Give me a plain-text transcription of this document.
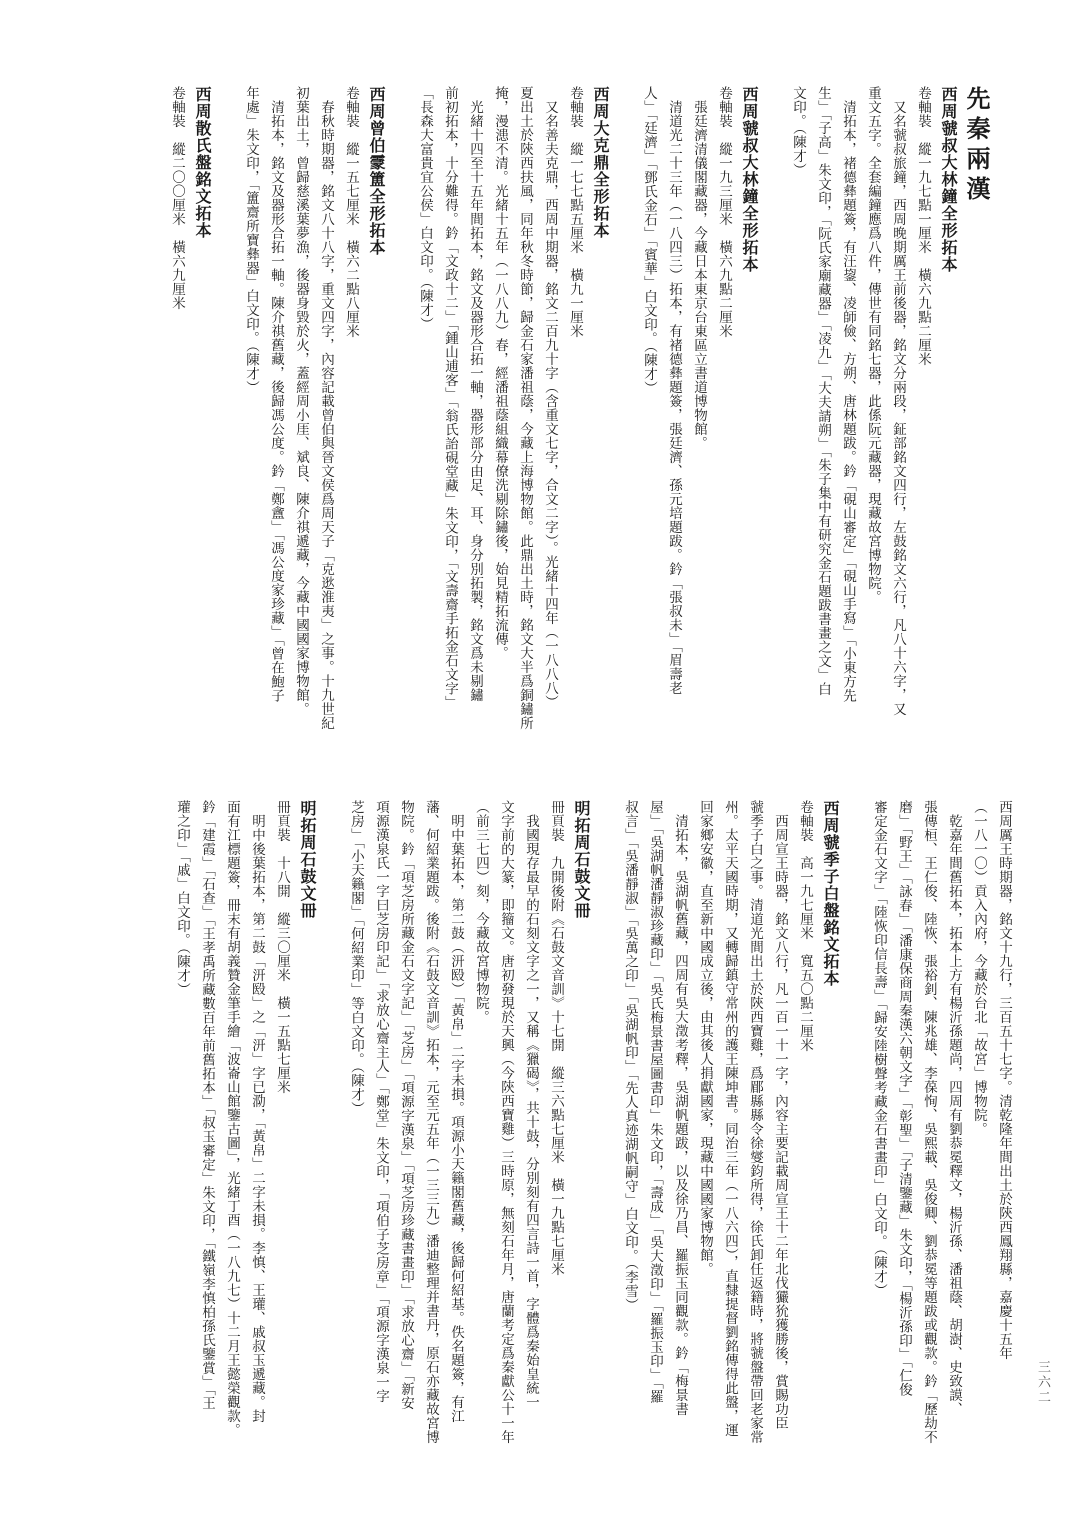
先秦兩漢
西周虢叔大林鐘全形拓本
卷軸裝　縱一九七點一厘米　橫六九點二厘米
又名虢叔旅鐘，西周晚期厲王前後器，銘文分兩段，鉦部銘文四行，左鼓銘文六行，凡八十六字，又
重文五字。全套編鐘應爲八件，傳世有同銘七器，此係阮元藏器，現藏故宮博物院。
清拓本，褚德彝題簽，有汪鋆、凌師儉、方朔、唐林題跋。鈐「硯山審定」「硯山手寫」「小東方先
生」「子高」朱文印，「阮氏家廟藏器」「凌九」「大夫請朔」「朱子集中有研究金石題跋書畫之文」白
文印。（陳才）
西周虢叔大林鐘全形拓本
卷軸裝　縱一九三厘米　橫六九點二厘米
張廷濟清儀閣藏器，今藏日本東京台東區立書道博物館。
清道光二十三年（一八四三）拓本，有褚德彝題簽，張廷濟、孫元培題跋。鈐「張叔未」「眉壽老
人」「廷濟」「鄧氏金石」「賓華」白文印。（陳才）
西周大克鼎全形拓本
卷軸裝　縱一七七點五厘米　橫九一厘米
又名善夫克鼎，西周中期器，銘文二百九十字（含重文七字，合文二字）。光緒十四年（一八八八）
夏出土於陝西扶風，同年秋冬時節，歸金石家潘祖蔭，今藏上海博物館。此鼎出土時，銘文大半爲銅鏽所
掩，漫漶不清。光緒十五年（一八八九）春，經潘祖蔭組織幕僚洗剔除鏽後，始見精拓流傳。
光緒十四至十五年間拓本，銘文及器形合拓一軸，器形部分由足、耳、身分別拓製，銘文爲未剔鏽
前初拓本，十分難得。鈐「文政十二」「鍾山逋客」「翁氏詒硯堂藏」朱文印，「文壽齋手拓金石文字」
「長森大富貴宜公侯」白文印。（陳才）
西周曾伯霥簠全形拓本
卷軸裝　縱一五七厘米　橫六二點八厘米
春秋時期器，銘文八十八字，重文四字，內容記載曾伯與晉文侯爲周天子「克逖淮夷」之事。十九世紀
初葉出土，曾歸慈溪葉夢漁，後器身毀於火，蓋經周小厓、斌良、陳介祺遞藏，今藏中國國家博物館。
清拓本，銘文及器形合拓一軸。陳介祺舊藏，後歸馮公度。鈐「鄭盦」「馮公度家珍藏」「曾在鮑子
年處」朱文印，「簠齋所寶彝器」白文印。（陳才）
西周散氏盤銘文拓本
卷軸裝　縱二〇〇厘米　橫六九厘米
西周厲王時期器，銘文十九行，三百五十七字。清乾隆年間出土於陝西鳳翔縣，嘉慶十五年
（一八一〇）貢入內府，今藏於台北「故宮」博物院。
乾嘉年間舊拓本，拓本上方有楊沂孫題尚，四周有劉恭冕釋文，楊沂孫、潘祖蔭、胡澍、史致謨、
張傳桓、王仁俊、陸恢、張裕釗、陳兆雄、李葆恂、吳熙載、吳俊卿、劉恭冕等題跋或觀款。鈐「歷劫不
磨」「野王」「詠春」「潘康保商周秦漢六朝文字」「彰聖」「子清鑒藏」朱文印，「楊沂孫印」「仁俊
審定金石文字」「陸恢印信長壽」「歸安陸樹聲考藏金石書畫印」白文印。（陳才）
西周虢季子白盤銘文拓本
卷軸裝　高一九七厘米　寬五〇點二厘米
西周宣王時器，銘文八行，凡一百一十一字，內容主要記載周宣王十二年北伐玁狁獲勝後，賞賜功臣
虢季子白之事。清道光間出土於陝西寶雞，爲郿縣縣令徐燮鈞所得，徐氏卸任返籍時，將虢盤帶回老家常
州。太平天國時期，又轉歸鎮守常州的護王陳坤書。同治三年（一八六四），直隸提督劉銘傳得此盤，運
回家鄉安徽，直至新中國成立後，由其後人捐獻國家，現藏中國國家博物館。
清拓本，吳湖帆舊藏，四周有吳大澂考釋，吳湖帆題跋，以及徐乃昌、羅振玉同觀款。鈐「梅景書
屋」「吳湖帆潘靜淑珍藏印」「吳氏梅景書屋圖書印」朱文印，「壽成」「吳大澂印」「羅振玉印」「羅
叔言」「吳潘靜淑」「吳萬之印」「吳湖帆印」「先人真迹湖帆嗣守」白文印。（李雪）
明拓周石鼓文冊
冊頁裝　九開後附《石鼓文音訓》十七開　縱三六點七厘米　橫一九點七厘米
我國現存最早的石刻文字之一，又稱《獵碣》，共十鼓，分別刻有四言詩一首，字體爲秦始皇統一
文字前的大篆，即籀文。唐初發現於天興（今陝西寶雞）三時原，無刻石年月，唐蘭考定爲秦獻公十一年
（前三七四）刻，今藏故宮博物院。
明中葉拓本，第二鼓（汧殹）「黃帛」二字未損。項源小天籟閣舊藏，後歸何紹基。佚名題簽，有江
藩、何紹業題跋。後附《石鼓文音訓》拓本，元至元五年（一三三九）潘迪整理并書丹，原石亦藏故宮博
物院。鈐「項芝房所藏金石文字記」「芝房」「項源字漢泉」「項芝房珍藏書畫印」「求放心齋」「新安
項源漢泉氏一字曰芝房印記」「求放心齋主人」「鄭堂」朱文印，「項伯子芝房章」「項源字漢泉一字
芝房」「小天籟閣」「何紹業印」等白文印。（陳才）
明拓周石鼓文冊
冊頁裝　十八開　縱三〇厘米　橫一五點七厘米
明中後葉拓本，第二鼓「汧殹」之「汧」字已泐，「黃帛」二字未損。李慎、王瓘、戚叔玉遞藏。封
面有江標題簽，冊末有胡義贊金筆手繪「波崙山館鑒古圖」，光緒丁酉（一八九七）十二月王懿榮觀款。
鈐「建霞」「石查」「王孝禹所藏數百年前舊拓本」「叔玉審定」朱文印，「鐵嶺李慎柏孫氏鑒賞」「王
瓘之印」「戚」白文印。（陳才）
三六二
